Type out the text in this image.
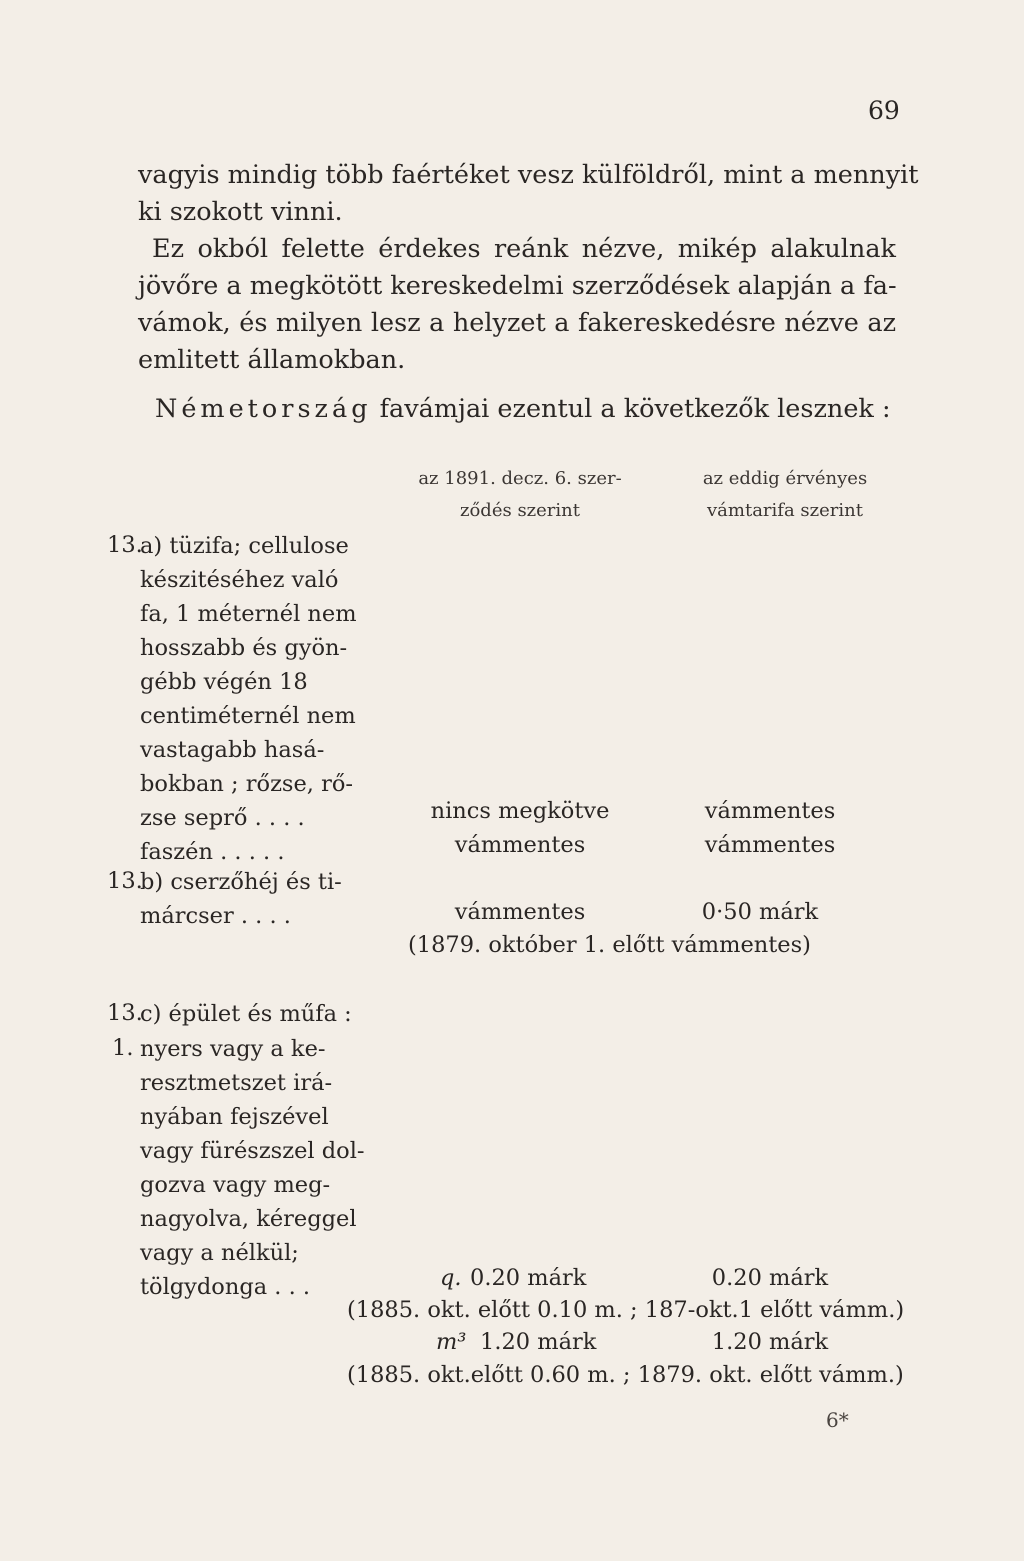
69
vagyis mindig több faértéket vesz külföldről, mint a mennyit
ki szokott vinni.
Ez okból felette érdekes reánk nézve, mikép alakulnak
jövőre a megkötött kereskedelmi szerződések alapján a fa-
vámok, és milyen lesz a helyzet a fakereskedésre nézve az
emlitett államokban.
Németország favámjai ezentul a következők lesznek :
az 1891. decz. 6. szer-
ződés szerint
az eddig érvényes
vámtarifa szerint
13.
a) tüzifa; cellulose
készitéséhez való
fa, 1 méternél nem
hosszabb és gyön-
gébb végén 18
centiméternél nem
vastagabb hasá-
bokban ; rőzse, rő-
zse seprő . . . .
faszén . . . . .
nincs megkötve	vámmentes
vámmentes	vámmentes
13.
b) cserzőhéj és ti-
márcser . . . .	vámmentes	0·50 márk
(1879. október 1. előtt vámmentes)
13.
c) épület és műfa :
1. nyers vagy a ke-
resztmetszet irá-
nyában fejszével
vagy fürészszel dol-
gozva vagy meg-
nagyolva, kéreggel
vagy a nélkül;
tölgydonga . . .	q. 0.20 márk	0.20 márk
(1885. okt. előtt 0.10 m. ; 187-okt.1 előtt vámm.)
m³ 1.20 márk	1.20 márk
(1885. okt.előtt 0.60 m. ; 1879. okt. előtt vámm.)
6*
